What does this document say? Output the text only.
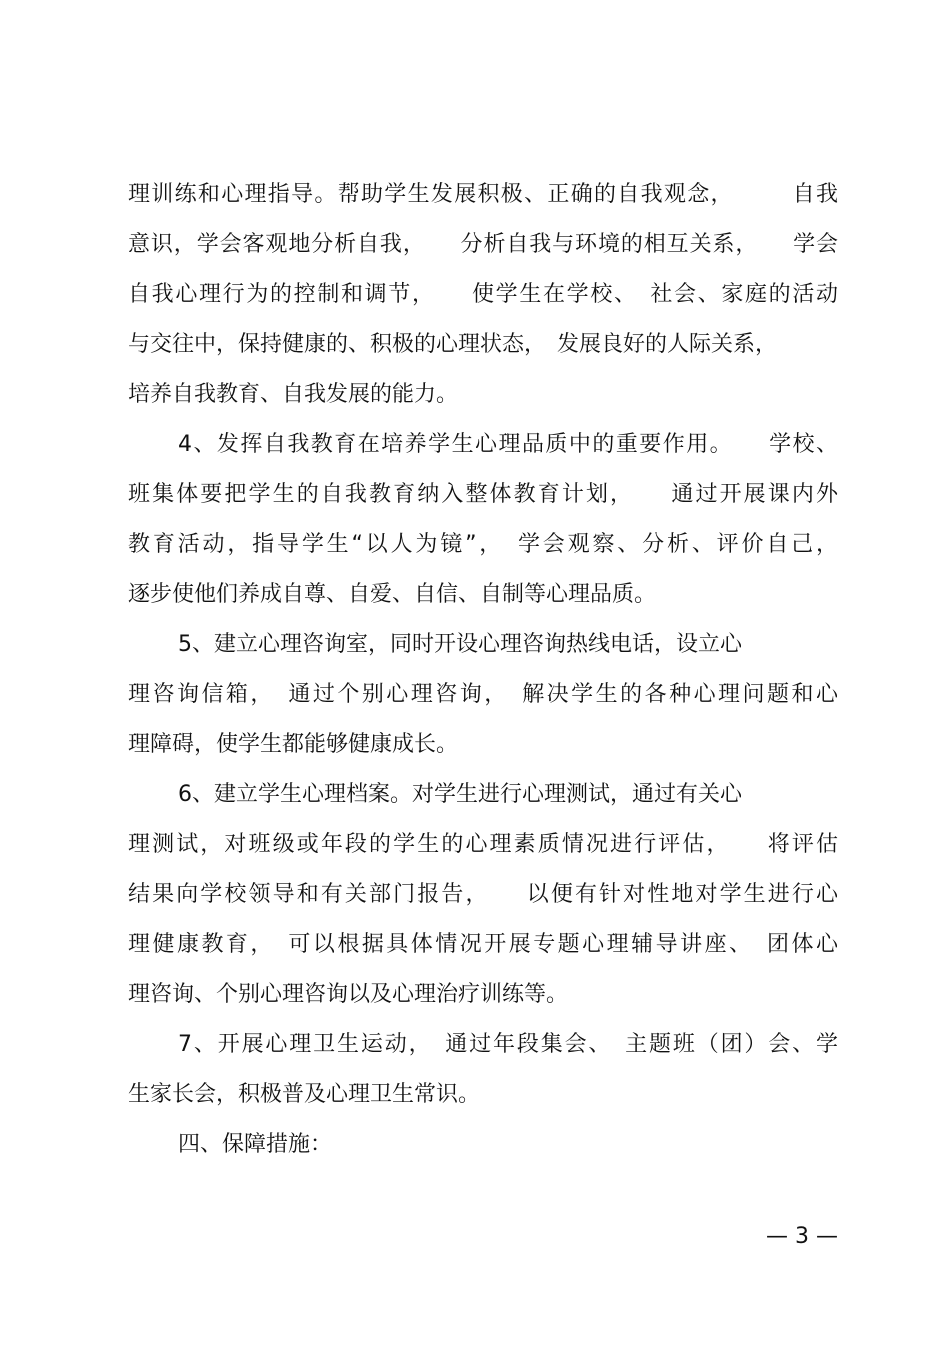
理训练和心理指导。帮助学生发展积极、正确的自我观念，　　　自我
意识，学会客观地分析自我，　　分析自我与环境的相互关系，　　学会
自我心理行为的控制和调节，　　使学生在学校、　社会、家庭的活动
与交往中，保持健康的、积极的心理状态，　发展良好的人际关系，
培养自我教育、自我发展的能力。
4、发挥自我教育在培养学生心理品质中的重要作用。　　学校、
班集体要把学生的自我教育纳入整体教育计划，　　通过开展课内外
教育活动，指导学生“以人为镜”，　学会观察、分析、评价自己，
逐步使他们养成自尊、自爱、自信、自制等心理品质。
5、建立心理咨询室，同时开设心理咨询热线电话，设立心
理咨询信箱，　通过个别心理咨询，　解决学生的各种心理问题和心
理障碍，使学生都能够健康成长。
6、建立学生心理档案。对学生进行心理测试，通过有关心
理测试，对班级或年段的学生的心理素质情况进行评估，　　将评估
结果向学校领导和有关部门报告，　　以便有针对性地对学生进行心
理健康教育，　可以根据具体情况开展专题心理辅导讲座、　团体心
理咨询、个别心理咨询以及心理治疗训练等。
7、开展心理卫生运动，　通过年段集会、　主题班（团）会、学
生家长会，积极普及心理卫生常识。
四、保障措施：
— 3 —
